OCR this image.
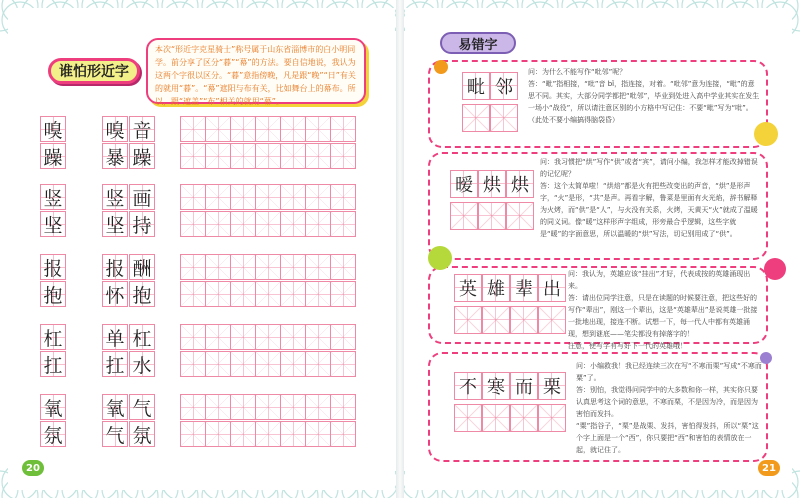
谁怕形近字
本次“形近字克星骑士”称号属于山东省淄博市的白小明同学。前分享了区分“暮”“幕”的方法。要自信地说，我认为这两个字很以区分。“暮”意指傍晚，凡是跟“晚”“日”有关的就用“暮”。“幕”遮阳与布有关，比如舞台上的幕布。所以，跟“遮盖”“布”相关的就用“幕”。
嗅
躁
嗅 音
暴 躁
竖
坚
竖 画
坚 持
报
抱
报 酬
怀 抱
杠
扛
单 杠
扛 水
氧
氛
氧 气
气 氛
20
易错字
毗 邻
问：为什么不能写作“吡邻”呢？
答：“毗”指相接，“吡”音 bǐ，指连接，对着。“吡邻”意为连接，“毗”的意思不同。其实，大部分同学都把“吡邻”，毕业到处进入高中学业其实在发生一场小“战役”，所以请注意区别的小方格中写记住：不要“毗”写为“吡”。（此处不要小编搞得脑袋昏）
暧 烘 烘
问：我习惯把“烘”写作“供”或者“宾”，请问小编，我怎样才能改掉错误的记忆呢？
答：这个太简单啦！“烘焙”都是火有把些改变出的声音，“烘”是形声字，“火”是形，“共”是声。再看字解，鲁菜是里面有火光焰，辞书解释为火烤，而“供”是“人”，与火没有关系，火烤，天黄天“火”就成了温暖的同义词。像“暖”这样形声字组成，形旁最合乎逻辑，这些字就是“暖”的字面意思，所以温暖的“烘”写法，切记别用成了“供”。
英 雄 辈 出
问：我认为，英雄应该“挂出”才好，代表成按的英雄涌现出来。
答：请出位同学注意，只是在读题的时候要注意，把这些好的写作“辈出”，刚这一个辈出，这是“英雄辈出”是说英雄一批接一批地出现，接连不断。试想一下，每一代人中都有英雄涌现，想到谜底——笔尖都没有掉落字的！
注意，使写字有写好下一代的英雄哦！
不 寒 而 栗
问：小编救我！我已经连续三次在写“不寒而栗”写成“不寒而粟”了。
答：别怕，我觉得问同学中的大多数和你一样，其实你只要认真思考这个词的意思，不寒而栗，不是因为冷，而是因为害怕而发抖。
“粟”指谷子，“栗”是战栗、发抖，害怕得发抖，所以“栗”这个字上面是一个“西”，你只要把“西”和害怕的表情放在一起，就记住了。
21
